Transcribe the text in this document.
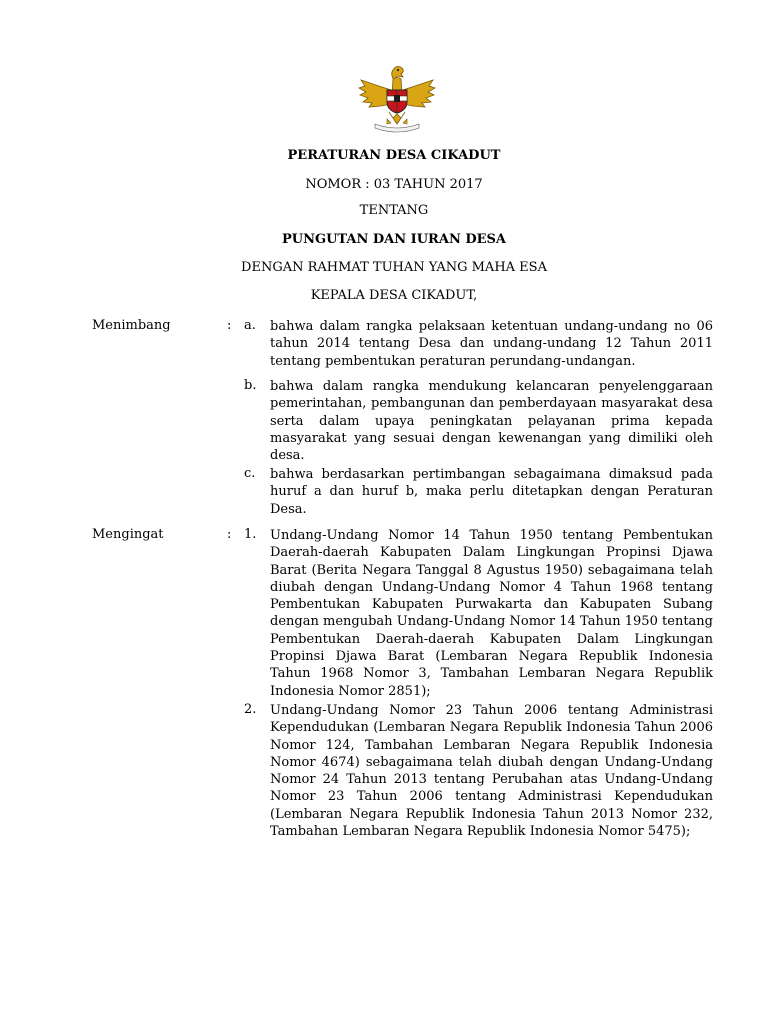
PERATURAN DESA CIKADUT
NOMOR : 03 TAHUN 2017
TENTANG
PUNGUTAN DAN IURAN DESA
DENGAN RAHMAT TUHAN YANG MAHA ESA
KEPALA DESA CIKADUT,
Menimbang	: a. bahwa dalam rangka pelaksaan ketentuan undang-undang no 06 tahun 2014 tentang Desa dan undang-undang 12 Tahun 2011 tentang pembentukan peraturan perundang-undangan.

b. bahwa dalam rangka mendukung kelancaran penyelenggaraan pemerintahan, pembangunan dan pemberdayaan masyarakat desa serta dalam upaya peningkatan pelayanan prima kepada masyarakat yang sesuai dengan kewenangan yang dimiliki oleh desa.

c. bahwa berdasarkan pertimbangan sebagaimana dimaksud pada huruf a dan huruf b, maka perlu ditetapkan dengan Peraturan Desa.

Mengingat	: 1. Undang-Undang Nomor 14 Tahun 1950 tentang Pembentukan Daerah-daerah Kabupaten Dalam Lingkungan Propinsi Djawa Barat (Berita Negara Tanggal 8 Agustus 1950) sebagaimana telah diubah dengan Undang-Undang Nomor 4 Tahun 1968 tentang Pembentukan Kabupaten Purwakarta dan Kabupaten Subang dengan mengubah Undang-Undang Nomor 14 Tahun 1950 tentang Pembentukan Daerah-daerah Kabupaten Dalam Lingkungan Propinsi Djawa Barat (Lembaran Negara Republik Indonesia Tahun 1968 Nomor 3, Tambahan Lembaran Negara Republik Indonesia Nomor 2851);

2. Undang-Undang Nomor 23 Tahun 2006 tentang Administrasi Kependudukan (Lembaran Negara Republik Indonesia Tahun 2006 Nomor 124, Tambahan Lembaran Negara Republik Indonesia Nomor 4674) sebagaimana telah diubah dengan Undang-Undang Nomor 24 Tahun 2013 tentang Perubahan atas Undang-Undang Nomor 23 Tahun 2006 tentang Administrasi Kependudukan (Lembaran Negara Republik Indonesia Tahun 2013 Nomor 232, Tambahan Lembaran Negara Republik Indonesia Nomor 5475);
